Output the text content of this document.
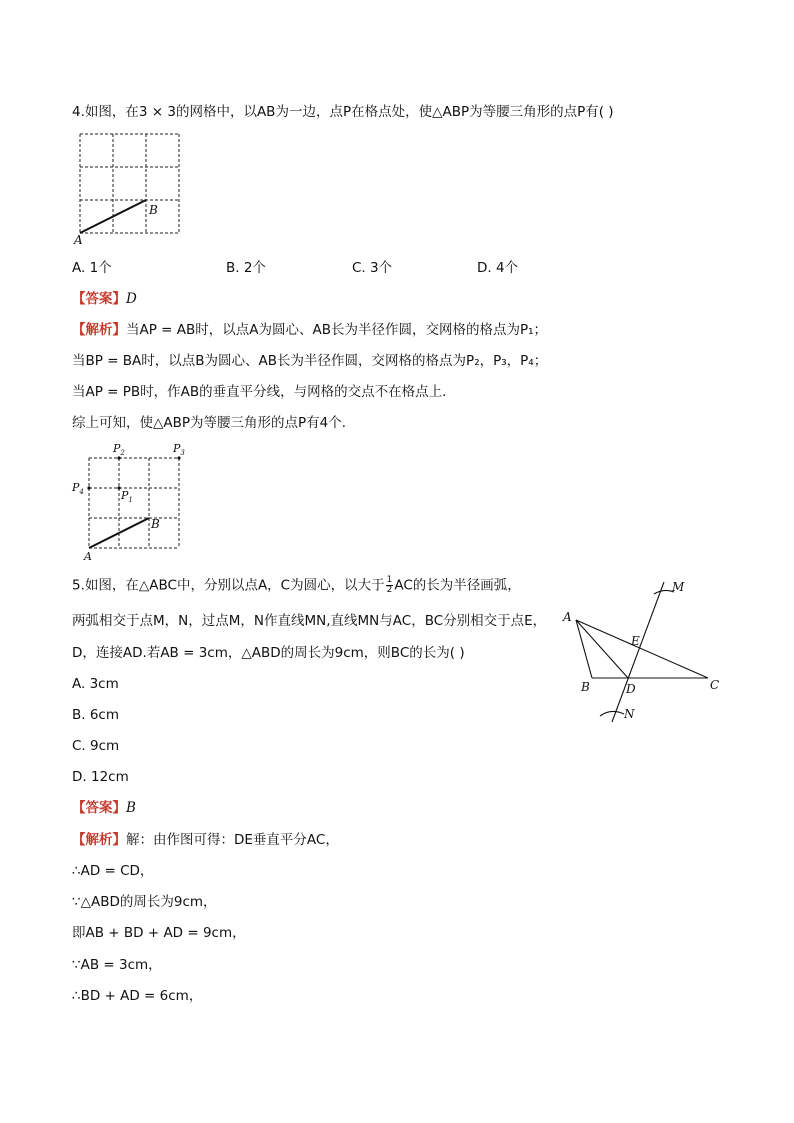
4.如图，在3 × 3的网格中，以AB为一边，点P在格点处，使△ABP为等腰三角形的点P有( )
A
B
A. 1个	B. 2个	C. 3个	D. 4个
【答案】D
【解析】当AP = AB时，以点A为圆心、AB长为半径作圆，交网格的格点为P₁；
当BP = BA时，以点B为圆心、AB长为半径作圆，交网格的格点为P₂，P₃，P₄；
当AP = PB时，作AB的垂直平分线，与网格的交点不在格点上．
综上可知，使△ABP为等腰三角形的点P有4个．
A
B
$P_2$	$P_3$
$P_4$	$P_1$
5.如图，在△ABC中，分别以点A，C为圆心，以大于 $\frac{1}{2}$ AC的长为半径画弧，
两弧相交于点M，N，过点M，N作直线MN,直线MN与AC，BC分别相交于点E，
D，连接AD.若AB = 3cm，△ABD的周长为9cm，则BC的长为( )
A. 3cm
B. 6cm
C. 9cm
D. 12cm
【答案】B
【解析】解：由作图可得：DE垂直平分AC，
∴AD = CD，
∵△ABD的周长为9cm，
即AB + BD + AD = 9cm，
∵AB = 3cm，
∴BD + AD = 6cm，
A
B	C
D
E
M
N
